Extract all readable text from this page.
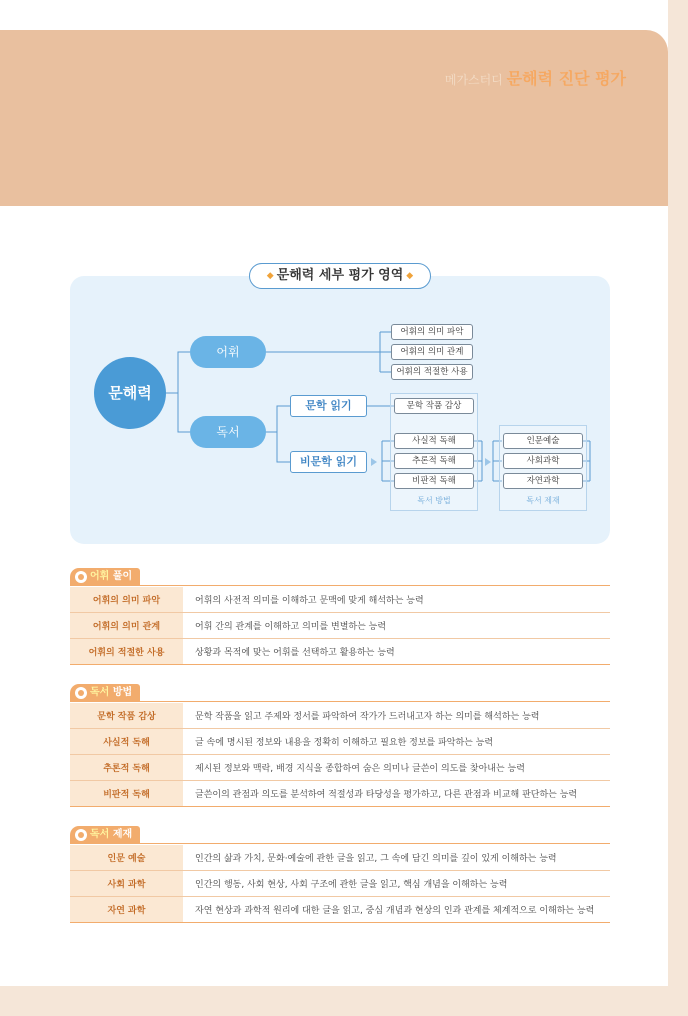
메가스터디 문해력 진단 평가
◆ 문해력 세부 평가 영역 ◆
문해력
어휘
독서
어휘의 의미 파악
어휘의 의미 관계
어휘의 적절한 사용
문학 읽기
비문학 읽기
문학 작품 감상
사실적 독해
추론적 독해
비판적 독해
독서 방법
인문예술
사회과학
자연과학
독서 제재
어휘 풀이
어휘의 의미 파악	어휘의 사전적 의미를 이해하고 문맥에 맞게 해석하는 능력
어휘의 의미 관계	어휘 간의 관계를 이해하고 의미를 변별하는 능력
어휘의 적절한 사용	상황과 목적에 맞는 어휘를 선택하고 활용하는 능력
독서 방법
문학 작품 감상	문학 작품을 읽고 주제와 정서를 파악하여 작가가 드러내고자 하는 의미를 해석하는 능력
사실적 독해	글 속에 명시된 정보와 내용을 정확히 이해하고 필요한 정보를 파악하는 능력
추론적 독해	제시된 정보와 맥락, 배경 지식을 종합하여 숨은 의미나 글쓴이 의도를 찾아내는 능력
비판적 독해	글쓴이의 관점과 의도를 분석하여 적절성과 타당성을 평가하고, 다른 관점과 비교해 판단하는 능력
독서 제재
인문 예술	인간의 삶과 가치, 문화·예술에 관한 글을 읽고, 그 속에 담긴 의미를 깊이 있게 이해하는 능력
사회 과학	인간의 행동, 사회 현상, 사회 구조에 관한 글을 읽고, 핵심 개념을 이해하는 능력
자연 과학	자연 현상과 과학적 원리에 대한 글을 읽고, 중심 개념과 현상의 인과 관계를 체계적으로 이해하는 능력
